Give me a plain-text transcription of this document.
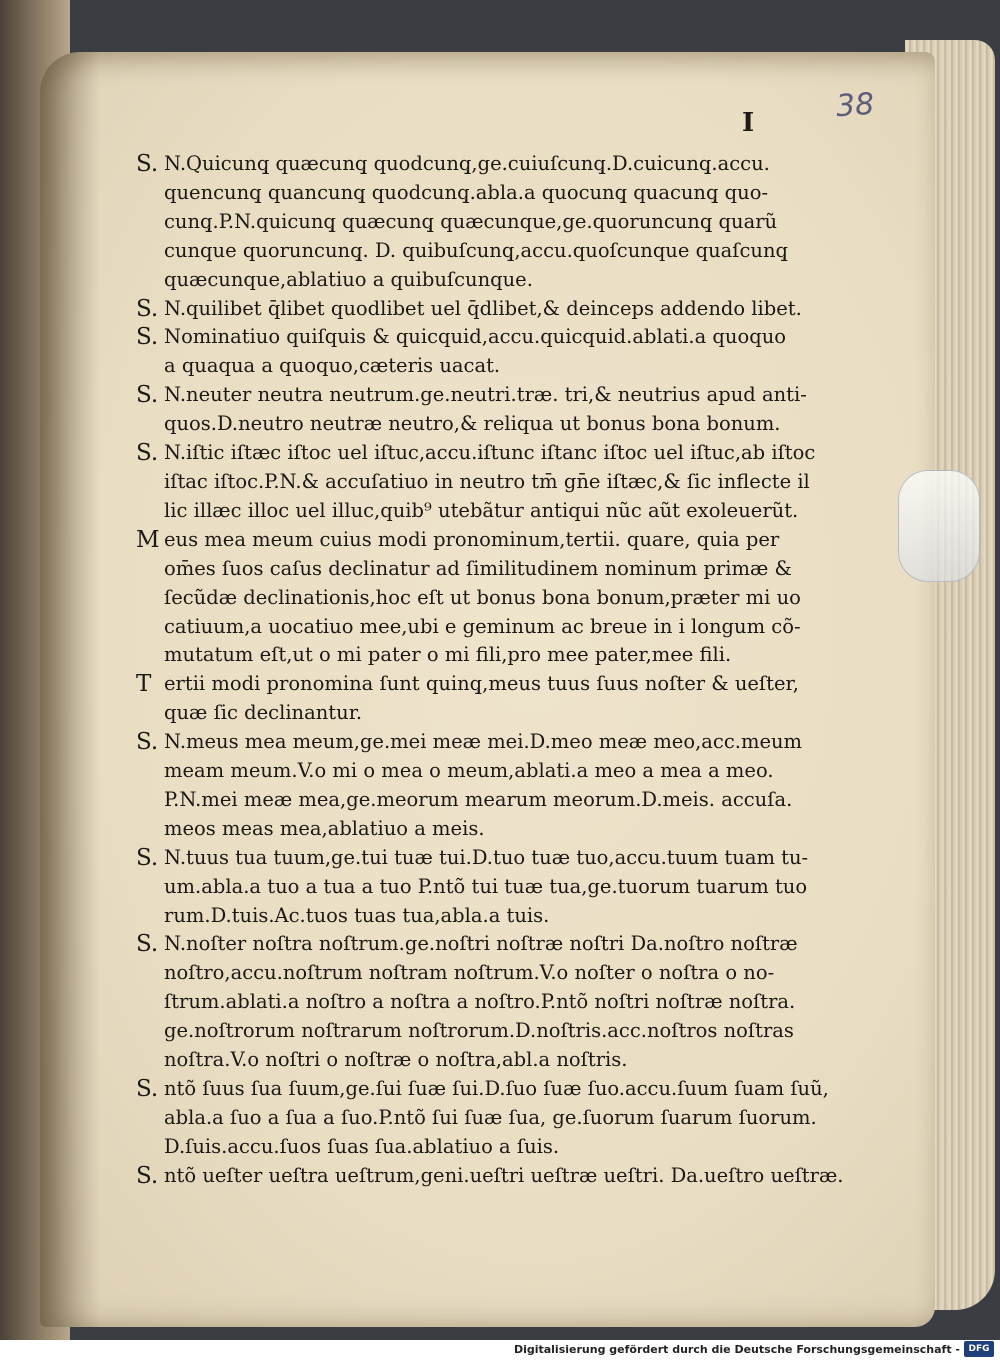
38
I
S. N.Quicunq̧ quæcunq̧ quodcunq̧,ge.cuiuſcunq̧.D.cuicunq̧.accu.
quencunq̧ quancunq̧ quodcunq̧.abla.a quocunq̧ quacunq̧ quo-
cunq̧.P.N.quicunq̧ quæcunq̧ quæcunque,ge.quoruncunq̧ quarũ
cunque quoruncunq̧. D. quibuſcunq̧,accu.quoſcunque quaſcunq̧
quæcunque,ablatiuo a quibuſcunque.
S. N.quilibet q̄libet quodlibet uel q̄dlibet,& deinceps addendo libet.
S. Nominatiuo quiſquis & quicquid,accu.quicquid.ablati.a quoquo
a quaqua a quoquo,cæteris uacat.
S. N.neuter neutra neutrum.ge.neutri.træ. tri,& neutrius apud anti-
quos.D.neutro neutræ neutro,& reliqua ut bonus bona bonum.
S. N.iſtic iſtæc iſtoc uel iſtuc,accu.iſtunc iſtanc iſtoc uel iſtuc,ab iſtoc
iſtac iſtoc.P.N.& accuſatiuo in neutro tm̄ gn̄e iſtæc,& ſic inflecte il
lic illæc illoc uel illuc,quib⁹ utebãtur antiqui nũc aũt exoleuerũt.
M eus mea meum cuius modi pronominum,tertii. quare, quia per
om̄es ſuos caſus declinatur ad ſimilitudinem nominum primæ &
ſecũdæ declinationis,hoc eſt ut bonus bona bonum,præter mi uo
catiuum,a uocatiuo mee,ubi e geminum ac breue in i longum cõ-
mutatum eſt,ut o mi pater o mi fili,pro mee pater,mee fili.
T ertii modi pronomina ſunt quinq̧,meus tuus ſuus noſter & ueſter,
quæ ſic declinantur.
S. N.meus mea meum,ge.mei meæ mei.D.meo meæ meo,acc.meum
meam meum.V.o mi o mea o meum,ablati.a meo a mea a meo.
P.N.mei meæ mea,ge.meorum mearum meorum.D.meis. accuſa.
meos meas mea,ablatiuo a meis.
S. N.tuus tua tuum,ge.tui tuæ tui.D.tuo tuæ tuo,accu.tuum tuam tu-
um.abla.a tuo a tua a tuo P.ntõ tui tuæ tua,ge.tuorum tuarum tuo
rum.D.tuis.Ac.tuos tuas tua,abla.a tuis.
S. N.noſter noſtra noſtrum.ge.noſtri noſtræ noſtri Da.noſtro noſtræ
noſtro,accu.noſtrum noſtram noſtrum.V.o noſter o noſtra o no-
ſtrum.ablati.a noſtro a noſtra a noſtro.P.ntõ noſtri noſtræ noſtra.
ge.noſtrorum noſtrarum noſtrorum.D.noſtris.acc.noſtros noſtras
noſtra.V.o noſtri o noſtræ o noſtra,abl.a noſtris.
S. ntõ ſuus ſua ſuum,ge.ſui ſuæ ſui.D.ſuo ſuæ ſuo.accu.ſuum ſuam ſuũ,
abla.a ſuo a ſua a ſuo.P.ntõ ſui ſuæ ſua, ge.ſuorum ſuarum ſuorum.
D.ſuis.accu.ſuos ſuas ſua.ablatiuo a ſuis.
S. ntõ ueſter ueſtra ueſtrum,geni.ueſtri ueſtræ ueſtri. Da.ueſtro ueſtræ.
Digitalisierung gefördert durch die Deutsche Forschungsgemeinschaft - DFG
